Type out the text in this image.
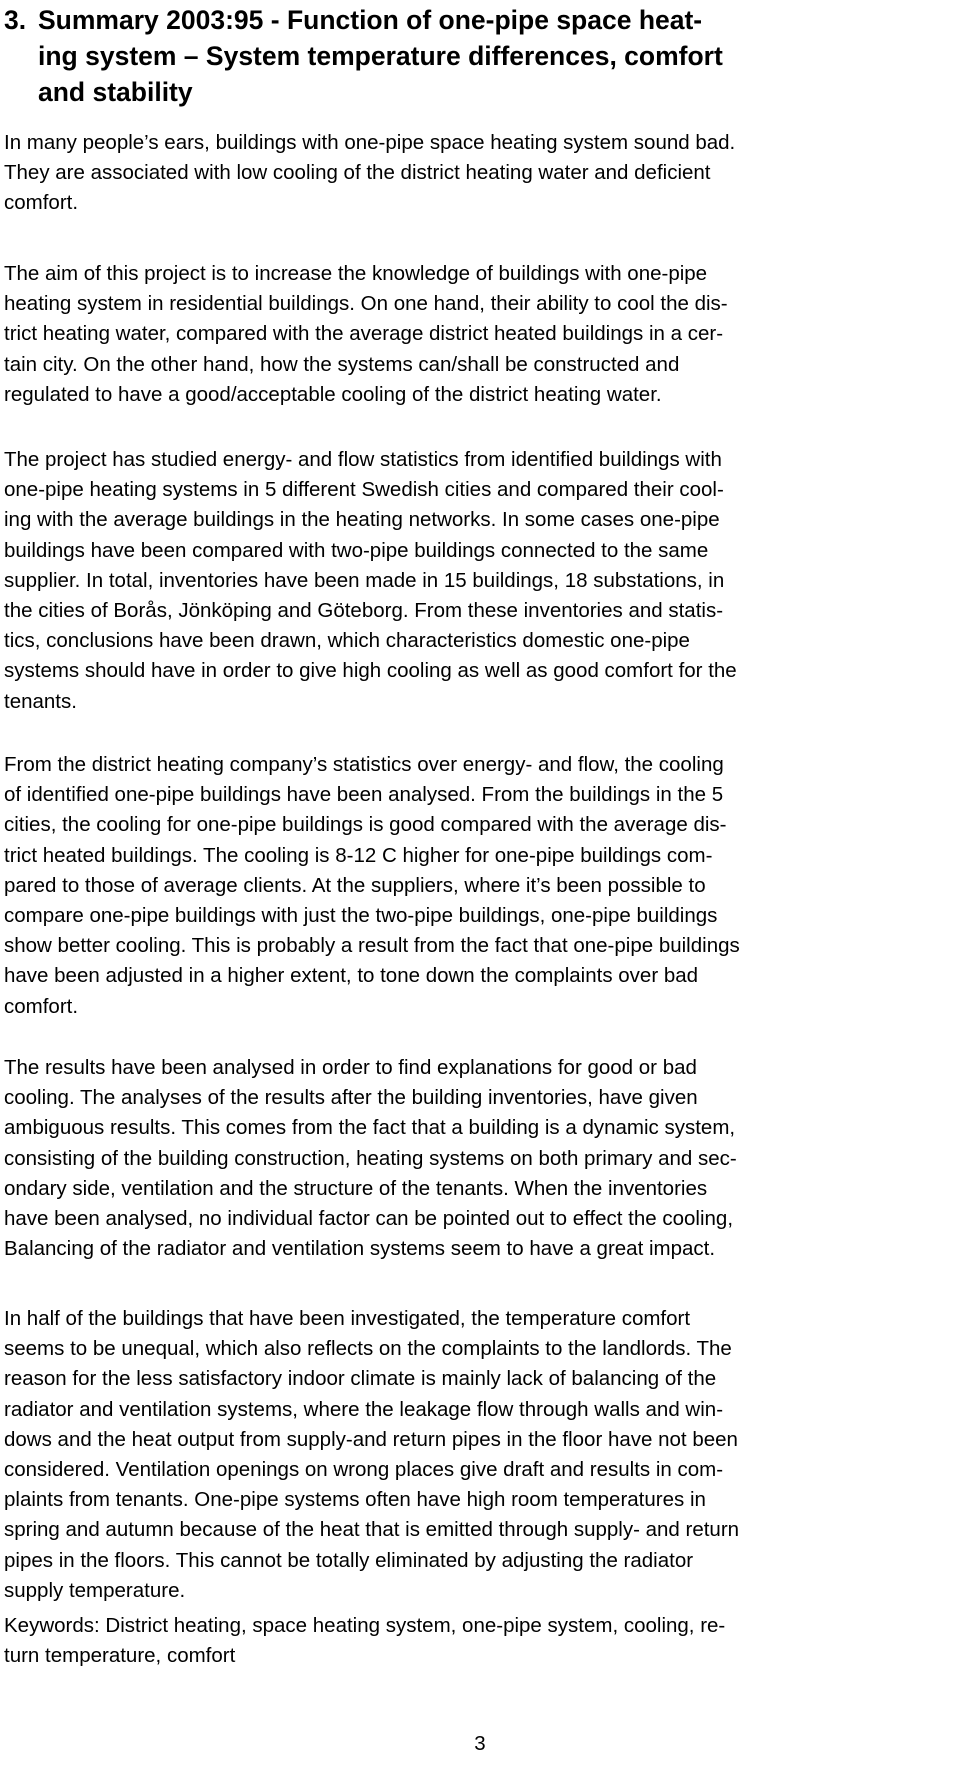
3. Summary 2003:95 - Function of one-pipe space heat-
ing system – System temperature differences, comfort
and stability

In many people’s ears, buildings with one-pipe space heating system sound bad.
They are associated with low cooling of the district heating water and deficient
comfort.

The aim of this project is to increase the knowledge of buildings with one-pipe
heating system in residential buildings. On one hand, their ability to cool the dis-
trict heating water, compared with the average district heated buildings in a cer-
tain city. On the other hand, how the systems can/shall be constructed and
regulated to have a good/acceptable cooling of the district heating water.

The project has studied energy- and flow statistics from identified buildings with
one-pipe heating systems in 5 different Swedish cities and compared their cool-
ing with the average buildings in the heating networks. In some cases one-pipe
buildings have been compared with two-pipe buildings connected to the same
supplier. In total, inventories have been made in 15 buildings, 18 substations, in
the cities of Borås, Jönköping and Göteborg. From these inventories and statis-
tics, conclusions have been drawn, which characteristics domestic one-pipe
systems should have in order to give high cooling as well as good comfort for the
tenants.

From the district heating company’s statistics over energy- and flow, the cooling
of identified one-pipe buildings have been analysed. From the buildings in the 5
cities, the cooling for one-pipe buildings is good compared with the average dis-
trict heated buildings. The cooling is 8-12 C higher for one-pipe buildings com-
pared to those of average clients. At the suppliers, where it’s been possible to
compare one-pipe buildings with just the two-pipe buildings, one-pipe buildings
show better cooling. This is probably a result from the fact that one-pipe buildings
have been adjusted in a higher extent, to tone down the complaints over bad
comfort.

The results have been analysed in order to find explanations for good or bad
cooling. The analyses of the results after the building inventories, have given
ambiguous results. This comes from the fact that a building is a dynamic system,
consisting of the building construction, heating systems on both primary and sec-
ondary side, ventilation and the structure of the tenants. When the inventories
have been analysed, no individual factor can be pointed out to effect the cooling,
Balancing of the radiator and ventilation systems seem to have a great impact.

In half of the buildings that have been investigated, the temperature comfort
seems to be unequal, which also reflects on the complaints to the landlords. The
reason for the less satisfactory indoor climate is mainly lack of balancing of the
radiator and ventilation systems, where the leakage flow through walls and win-
dows and the heat output from supply-and return pipes in the floor have not been
considered. Ventilation openings on wrong places give draft and results in com-
plaints from tenants. One-pipe systems often have high room temperatures in
spring and autumn because of the heat that is emitted through supply- and return
pipes in the floors. This cannot be totally eliminated by adjusting the radiator
supply temperature.

Keywords: District heating, space heating system, one-pipe system, cooling, re-
turn temperature, comfort

3
